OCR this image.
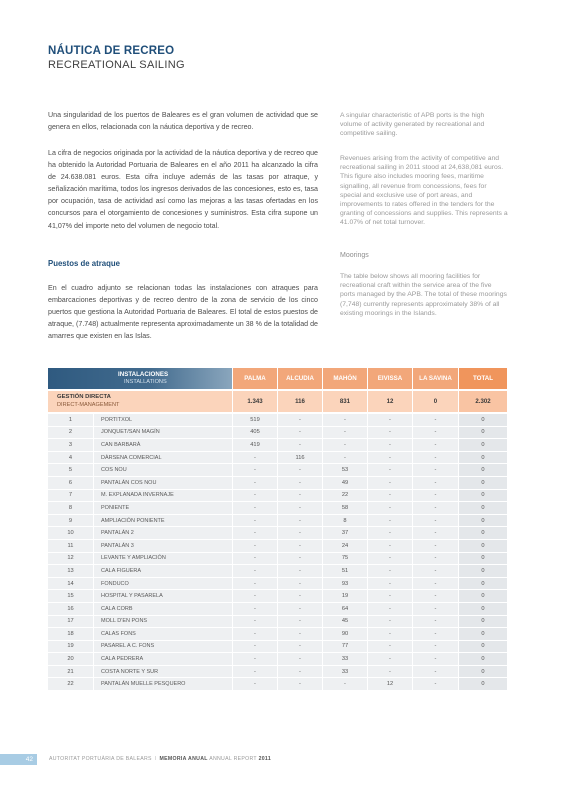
NÁUTICA DE RECREO
RECREATIONAL SAILING
Una singularidad de los puertos de Baleares es el gran volumen de actividad que se genera en ellos, relacionada con la náutica deportiva y de recreo.
La cifra de negocios originada por la actividad de la náutica deportiva y de recreo que ha obtenido la Autoridad Portuaria de Baleares en el año 2011 ha alcanzado la cifra de 24.638.081 euros. Esta cifra incluye además de las tasas por atraque, y señalización marítima, todos los ingresos derivados de las concesiones, esto es, tasa por ocupación, tasa de actividad así como las mejoras a las tasas ofertadas en los concursos para el otorgamiento de concesiones y suministros. Esta cifra supone un 41,07% del importe neto del volumen de negocio total.
Puestos de atraque
En el cuadro adjunto se relacionan todas las instalaciones con atraques para embarcaciones deportivas y de recreo dentro de la zona de servicio de los cinco puertos que gestiona la Autoridad Portuaria de Baleares. El total de estos puestos de atraque, (7.748) actualmente representa aproximadamente un 38 % de la totalidad de amarres que existen en las Islas.
A singular characteristic of APB ports is the high volume of activity generated by recreational and competitive sailing.
Revenues arising from the activity of competitive and recreational sailing in 2011 stood at 24,638,081 euros. This figure also includes mooring fees, maritime signalling, all revenue from concessions, fees for special and exclusive use of port areas, and improvements to rates offered in the tenders for the granting of concessions and supplies. This represents a 41.07% of net total turnover.
Moorings
The table below shows all mooring facilities for recreational craft within the service area of the five ports managed by the APB. The total of these moorings (7,748) currently represents approximately 38% of all existing moorings in the Islands.
INSTALACIONES
INSTALLATIONS		PALMA	ALCUDIA	MAHÓN	EIVISSA	LA SAVINA	TOTAL

GESTIÓN DIRECTA
DIRECT-MANAGEMENT		1.343	116	831	12	0	2.302
1	PORTITXOL	519	-	-	-	-	0
2	JONQUET/SAN MAGÍN	405	-	-	-	-	0
3	CAN BARBARÀ	419	-	-	-	-	0
4	DÀRSENA COMERCIAL	-	116	-	-	-	0
5	COS NOU	-	-	53	-	-	0
6	PANTALÁN COS NOU	-	-	49	-	-	0
7	M. EXPLANADA INVERNAJE	-	-	22	-	-	0
8	PONIENTE	-	-	58	-	-	0
9	AMPLIACIÓN PONIENTE	-	-	8	-	-	0
10	PANTALÁN 2	-	-	37	-	-	0
11	PANTALÁN 3	-	-	24	-	-	0
12	LEVANTE Y AMPLIACIÓN	-	-	75	-	-	0
13	CALA FIGUERA	-	-	51	-	-	0
14	FONDUCO	-	-	93	-	-	0
15	HOSPITAL Y PASARELA	-	-	19	-	-	0
16	CALA CORB	-	-	64	-	-	0
17	MOLL D'EN PONS	-	-	45	-	-	0
18	CALAS FONS	-	-	90	-	-	0
19	PASAREL A C. FONS	-	-	77	-	-	0
20	CALA PEDRERA	-	-	33	-	-	0
21	COSTA NORTE Y SUR	-	-	33	-	-	0
22	PANTALÁN MUELLE PESQUERO	-	-	-	12	-	0
42	AUTORITAT PORTUÀRIA DE BALEARS I MEMORIA ANUAL ANNUAL REPORT 2011
